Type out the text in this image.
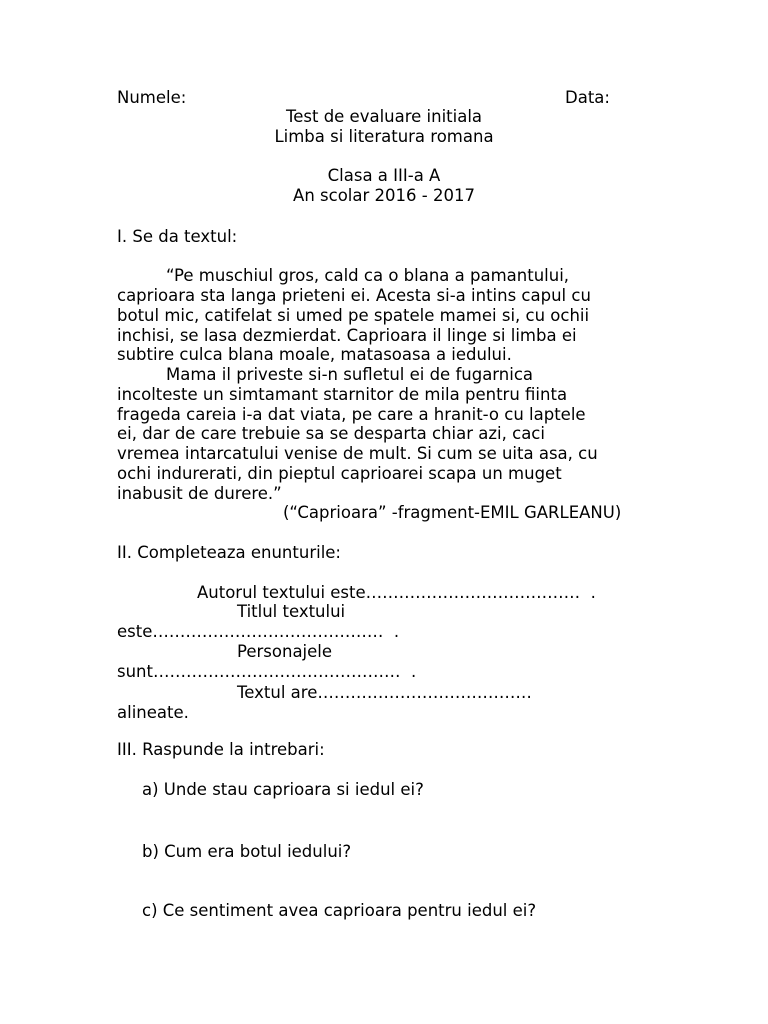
Numele:	Data:
Test de evaluare initiala
Limba si literatura romana
Clasa a III-a A
An scolar 2016 - 2017
I. Se da textul:
“Pe muschiul gros, cald ca o blana a pamantului,
caprioara sta langa prieteni ei. Acesta si-a intins capul cu
botul mic, catifelat si umed pe spatele mamei si, cu ochii
inchisi, se lasa dezmierdat. Caprioara il linge si limba ei
subtire culca blana moale, matasoasa a iedului.
Mama il priveste si-n sufletul ei de fugarnica
incolteste un simtamant starnitor de mila pentru fiinta
frageda careia i-a dat viata, pe care a hranit-o cu laptele
ei, dar de care trebuie sa se desparta chiar azi, caci
vremea intarcatului venise de mult. Si cum se uita asa, cu
ochi indurerati, din pieptul caprioarei scapa un muget
inabusit de durere.”
(“Caprioara” -fragment-EMIL GARLEANU)
II. Completeaza enunturile:
Autorul textului este…………………………………  .
Titlul textului
este……………………………………  .
Personajele
sunt………………………………………  .
Textul are…………………………………
alineate.
III. Raspunde la intrebari:
a) Unde stau caprioara si iedul ei?
b) Cum era botul iedului?
c) Ce sentiment avea caprioara pentru iedul ei?
